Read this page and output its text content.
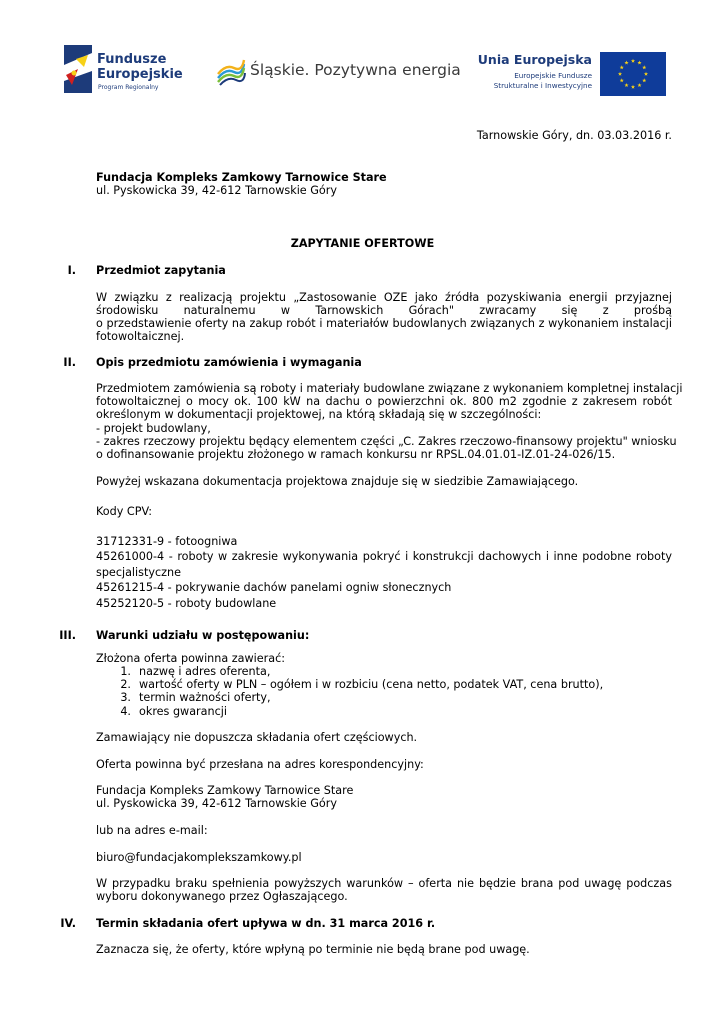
Fundusze
Europejskie
Program Regionalny
Śląskie. Pozytywna energia
Unia Europejska
Europejskie Fundusze
Strukturalne i Inwestycyjne
Tarnowskie Góry, dn. 03.03.2016 r.
Fundacja Kompleks Zamkowy Tarnowice Stare
ul. Pyskowicka 39, 42-612 Tarnowskie Góry
ZAPYTANIE OFERTOWE
I. Przedmiot zapytania
W związku z realizacją projektu „Zastosowanie OZE jako źródła pozyskiwania energii przyjaznej
środowisku naturalnemu w Tarnowskich Górach" zwracamy się z prośbą
o przedstawienie oferty na zakup robót i materiałów budowlanych związanych z wykonaniem instalacji
fotowoltaicznej.
II. Opis przedmiotu zamówienia i wymagania
Przedmiotem zamówienia są roboty i materiały budowlane związane z wykonaniem kompletnej instalacji
fotowoltaicznej o mocy ok. 100 kW na dachu o powierzchni ok. 800 m2 zgodnie z zakresem robót
określonym w dokumentacji projektowej, na którą składają się w szczególności:
- projekt budowlany,
- zakres rzeczowy projektu będący elementem części „C. Zakres rzeczowo-finansowy projektu" wniosku
o dofinansowanie projektu złożonego w ramach konkursu nr RPSL.04.01.01-IZ.01-24-026/15.
Powyżej wskazana dokumentacja projektowa znajduje się w siedzibie Zamawiającego.
Kody CPV:
31712331-9 - fotoogniwa
45261000-4 - roboty w zakresie wykonywania pokryć i konstrukcji dachowych i inne podobne roboty
specjalistyczne
45261215-4 - pokrywanie dachów panelami ogniw słonecznych
45252120-5 - roboty budowlane
III. Warunki udziału w postępowaniu:
Złożona oferta powinna zawierać:
1. nazwę i adres oferenta,
2. wartość oferty w PLN – ogółem i w rozbiciu (cena netto, podatek VAT, cena brutto),
3. termin ważności oferty,
4. okres gwarancji
Zamawiający nie dopuszcza składania ofert częściowych.
Oferta powinna być przesłana na adres korespondencyjny:
Fundacja Kompleks Zamkowy Tarnowice Stare
ul. Pyskowicka 39, 42-612 Tarnowskie Góry
lub na adres e-mail:
biuro@fundacjakomplekszamkowy.pl
W przypadku braku spełnienia powyższych warunków – oferta nie będzie brana pod uwagę podczas
wyboru dokonywanego przez Ogłaszającego.
IV. Termin składania ofert upływa w dn. 31 marca 2016 r.
Zaznacza się, że oferty, które wpłyną po terminie nie będą brane pod uwagę.
